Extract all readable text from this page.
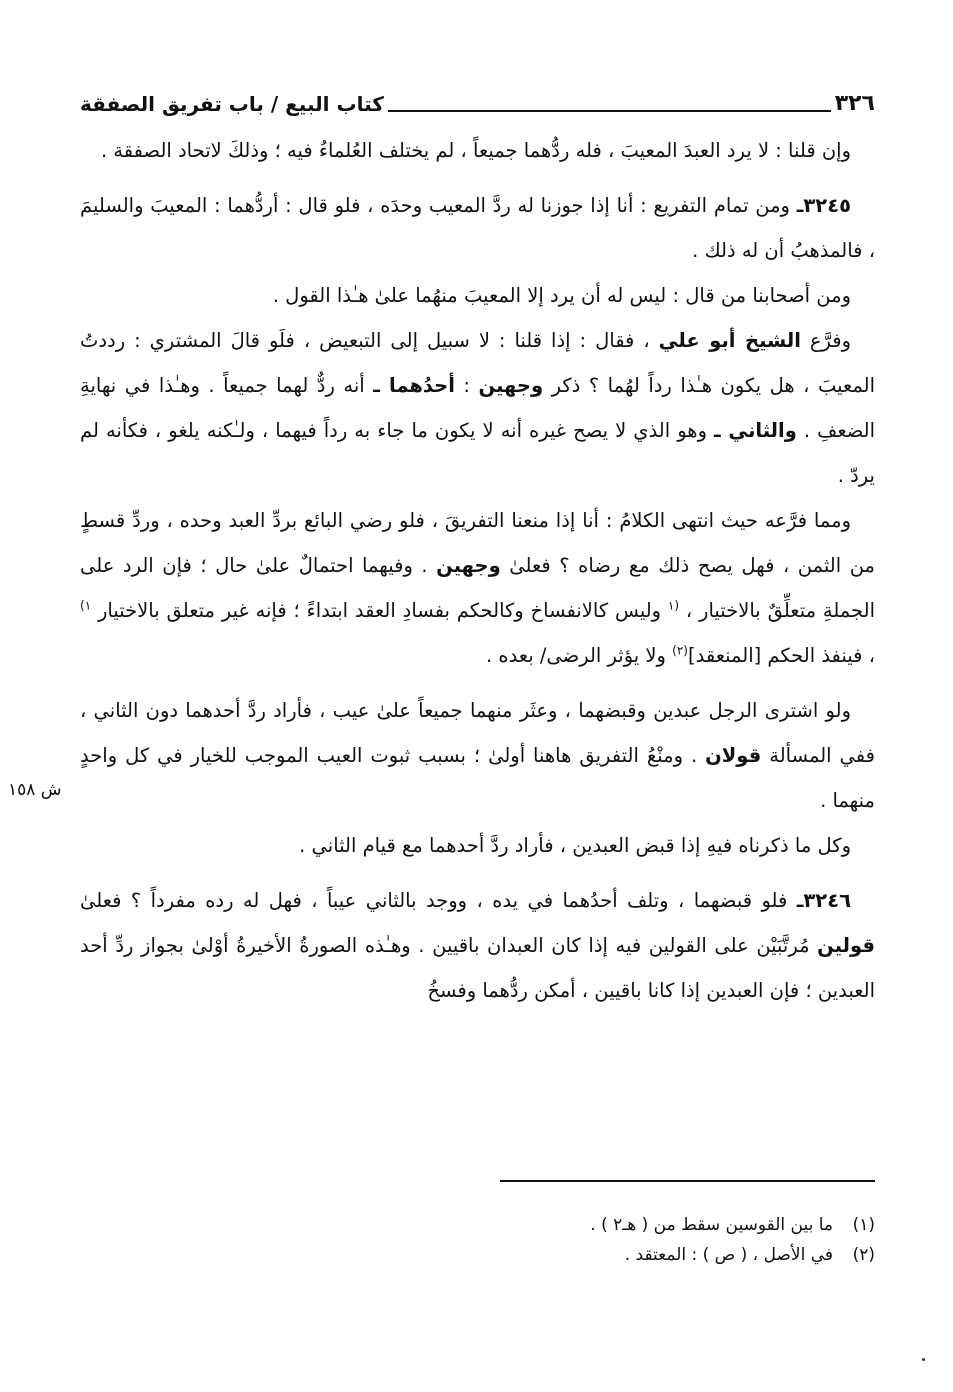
٣٢٦
كتاب البيع / باب تفريق الصفقة

وإن قلنا : لا يرد العبدَ المعيبَ ، فله ردُّهما جميعاً ، لم يختلف العُلماءُ فيه ؛ وذلكَ لاتحاد الصفقة .

٣٢٤٥ـ ومن تمام التفريع : أنا إذا جوزنا له ردَّ المعيب وحدَه ، فلو قال : أردُّهما : المعيبَ والسليمَ ، فالمذهبُ أن له ذلك .

ومن أصحابنا من قال : ليس له أن يرد إلا المعيبَ منهُما علىٰ هـٰذا القول .

وفرَّع الشيخ أبو علي ، فقال : إذا قلنا : لا سبيل إلى التبعيض ، فلَو قالَ المشتري : رددتُ المعيبَ ، هل يكون هـٰذا رداً لهُما ؟ ذكر وجهين : أحدُهما ـ أنه ردٌّ لهما جميعاً . وهـٰذا في نهايةِ الضعفِ . والثاني ـ وهو الذي لا يصح غيره أنه لا يكون ما جاء به رداً فيهما ، ولـٰكنه يلغو ، فكأنه لم يردّ .

ومما فرَّعه حيث انتهى الكلامُ : أنا إذا منعنا التفريقَ ، فلو رضي البائع بردِّ العبد وحده ، وردِّ قسطٍ من الثمن ، فهل يصح ذلك مع رضاه ؟ فعلىٰ وجهين . وفيهما احتمالٌ علىٰ حال ؛ فإن الرد على الجملةِ متعلِّقٌ بالاختيار ، $^{(١}$ وليس كالانفساخ وكالحكم بفسادِ العقد ابتداءً ؛ فإنه غير متعلق بالاختيار $^{١)}$ ، فينفذ الحكم [المنعقد]$^{(٢)}$ ولا يؤثر الرضى/ بعده .

ولو اشترى الرجل عبدين وقبضهما ، وعثَر منهما جميعاً علىٰ عيب ، فأراد ردَّ أحدهما دون الثاني ، ففي المسألة قولان . ومنْعُ التفريق هاهنا أولىٰ ؛ بسبب ثبوت العيب الموجب للخيار في كل واحدٍ منهما .

وكل ما ذكرناه فيهِ إذا قبض العبدين ، فأراد ردَّ أحدهما مع قيام الثاني .

٣٢٤٦ـ فلو قبضهما ، وتلف أحدُهما في يده ، ووجد بالثاني عيباً ، فهل له رده مفرداً ؟ فعلىٰ قولين مُرتَّبَيْن على القولين فيه إذا كان العبدان باقيين . وهـٰذه الصورةُ الأخيرةُ أوْلىٰ بجواز ردِّ أحد العبدين ؛ فإن العبدين إذا كانا باقيين ، أمكن ردُّهما وفسخُ

ش ١٥٨
(١)
ما بين القوسين سقط من ( هـ٢ ) .
(٢)
في الأصل ، ( ص ) : المعتقد .
